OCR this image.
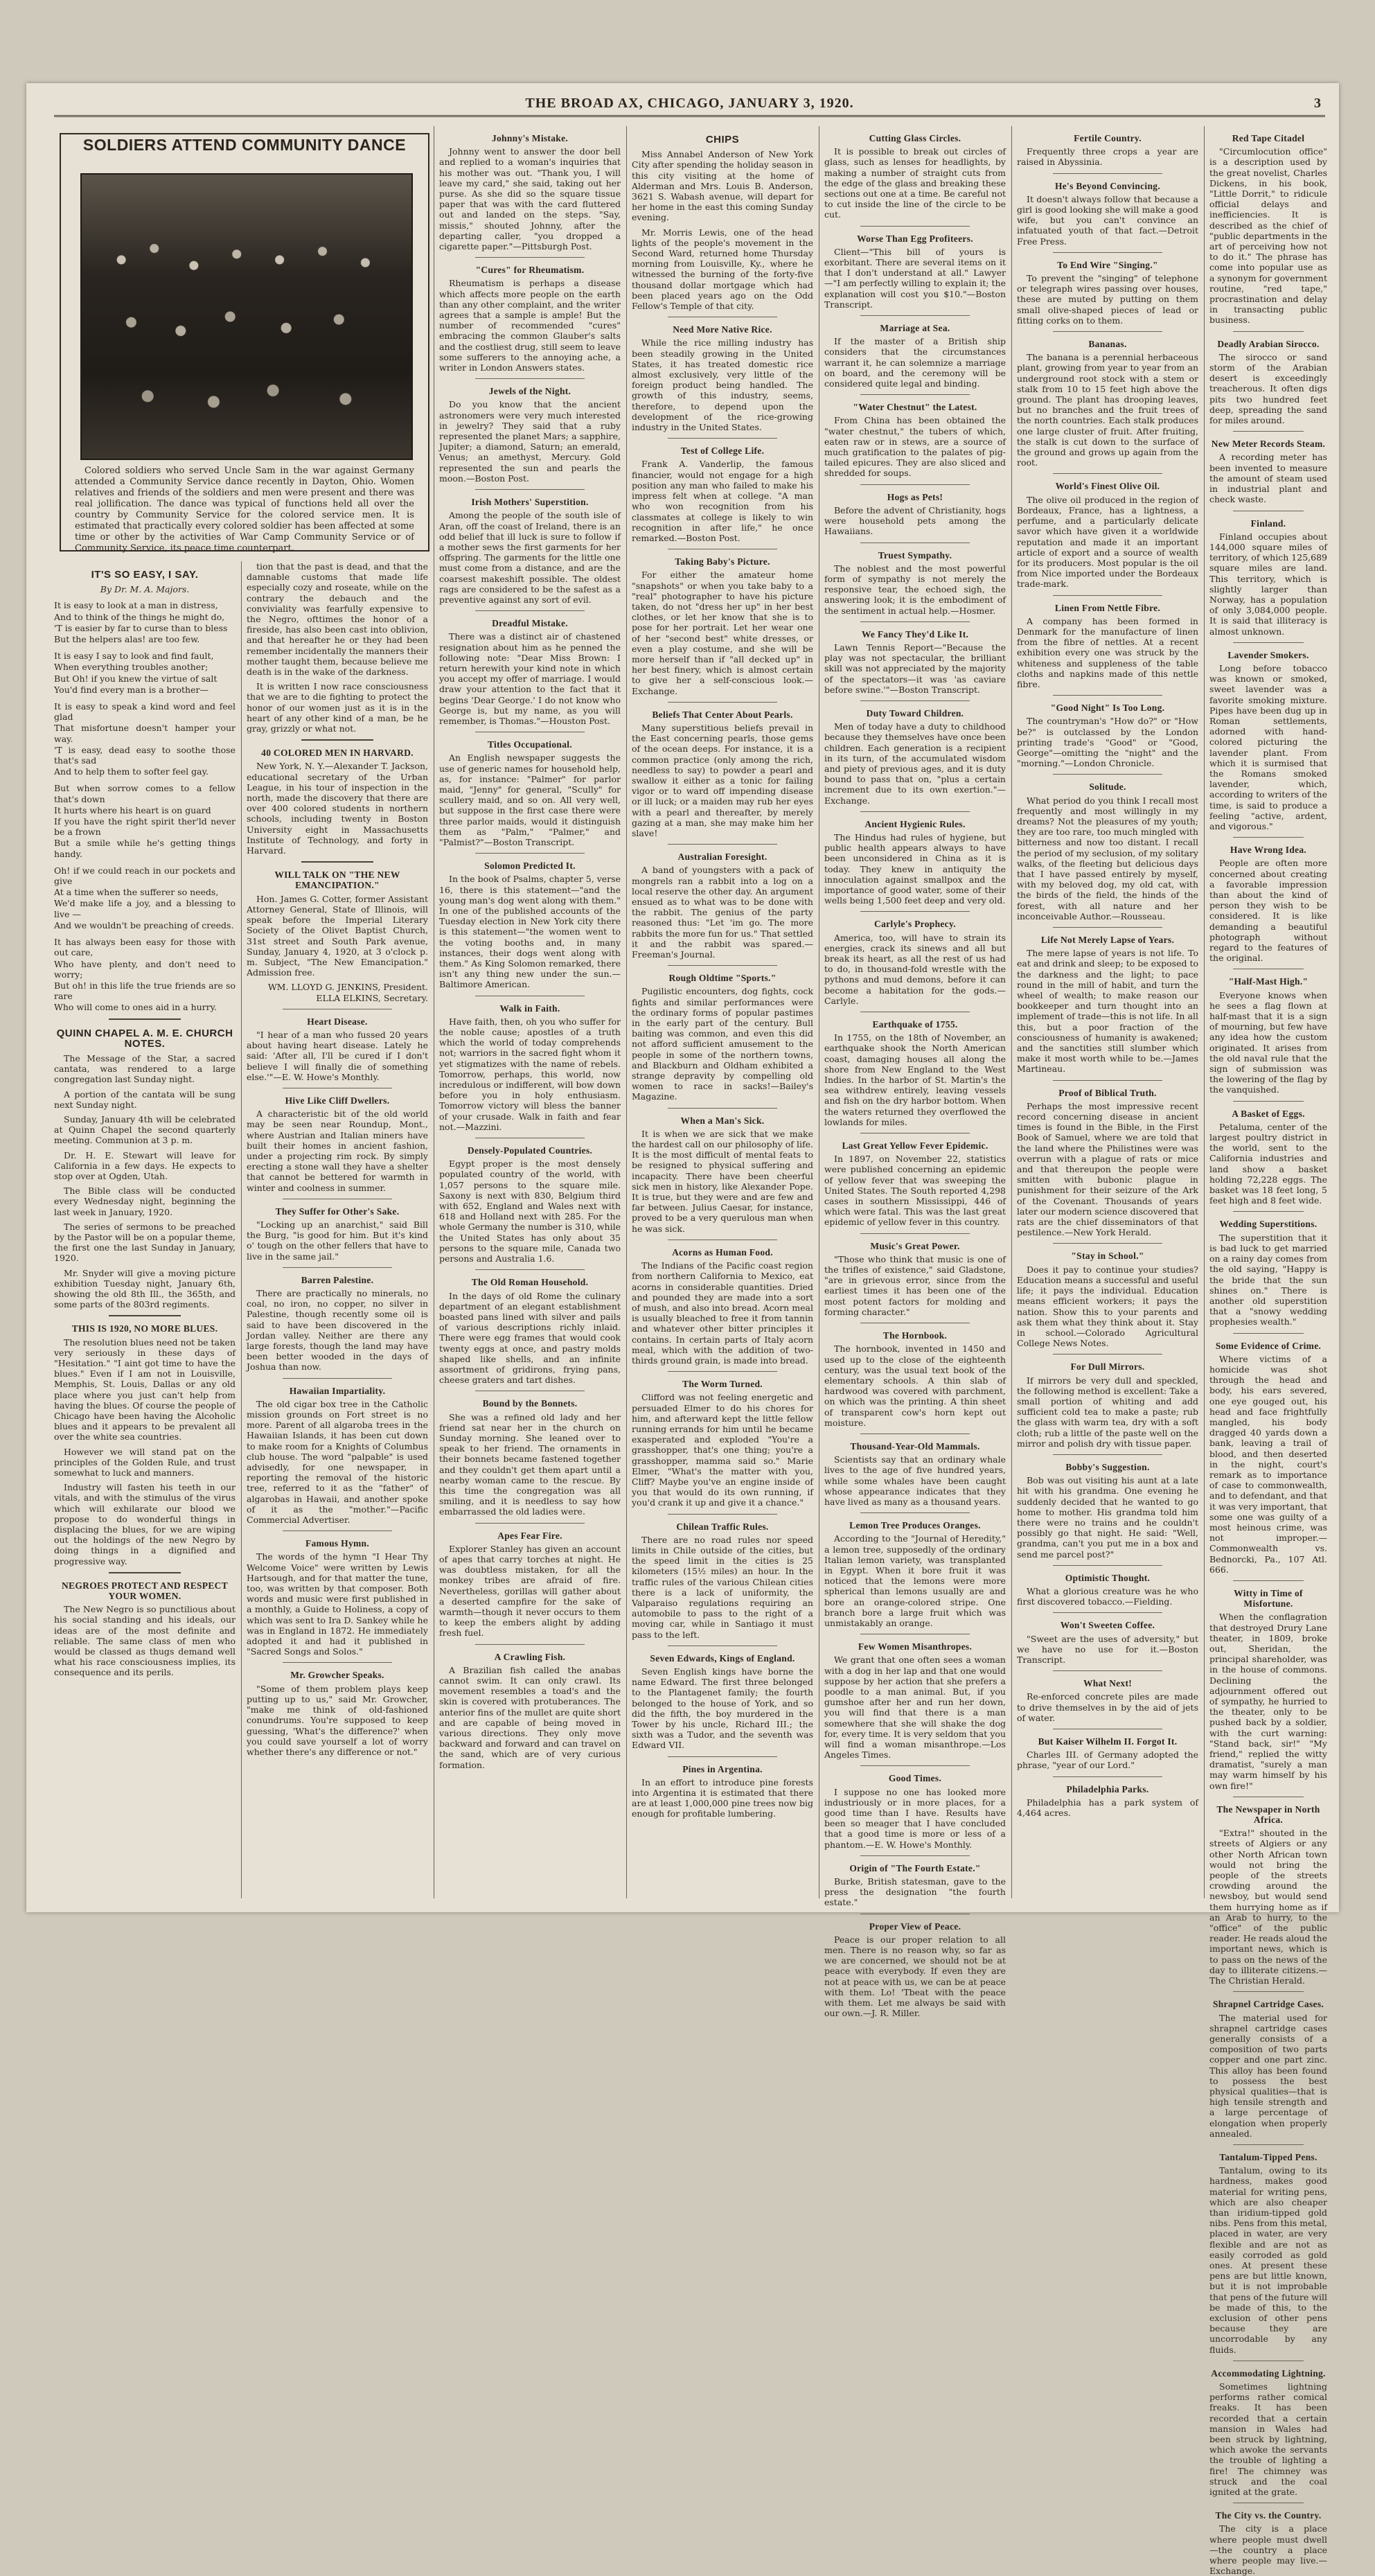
THE BROAD AX, CHICAGO, JANUARY 3, 1920.	3
SOLDIERS ATTEND COMMUNITY DANCE
Colored soldiers who served Uncle Sam in the war against Germany attended a Community Service dance recently in Dayton, Ohio. Women relatives and friends of the soldiers and men were present and there was real jollification. The dance was typical of functions held all over the country by Community Service for the colored service men. It is estimated that practically every colored soldier has been affected at some time or other by the activities of War Camp Community Service or of Community Service, its peace time counterpart.
IT'S SO EASY, I SAY.
By Dr. M. A. Majors.

It is easy to look at a man in distress,

And to think of the things he might do,

'T is easier by far to curse than to bless

But the helpers alas! are too few.

It is easy I say to look and find fault,

When everything troubles another;

But Oh! if you knew the virtue of salt

You'd find every man is a brother—

It is easy to speak a kind word and feel glad

That misfortune doesn't hamper your way.

'T is easy, dead easy to soothe those that's sad

And to help them to softer feel gay.

But when sorrow comes to a fellow that's down

It hurts where his heart is on guard

If you have the right spirit ther'ld never be a frown

But a smile while he's getting things handy.

Oh! if we could reach in our pockets and give

At a time when the sufferer so needs,

We'd make life a joy, and a blessing to live —

And we wouldn't be preaching of creeds.

It has always been easy for those with out care,

Who have plenty, and don't need to worry;

But oh! in this life the true friends are so rare

Who will come to ones aid in a hurry.

QUINN CHAPEL A. M. E. CHURCH NOTES.

The Message of the Star, a sacred cantata, was rendered to a large congregation last Sunday night.

A portion of the cantata will be sung next Sunday night.

Sunday, January 4th will be celebrated at Quinn Chapel the second quarterly meeting. Communion at 3 p. m.

Dr. H. E. Stewart will leave for California in a few days. He expects to stop over at Ogden, Utah.

The Bible class will be conducted every Wednesday night, beginning the last week in January, 1920.

The series of sermons to be preached by the Pastor will be on a popular theme, the first one the last Sunday in January, 1920.

Mr. Snyder will give a moving picture exhibition Tuesday night, January 6th, showing the old 8th Ill., the 365th, and some parts of the 803rd regiments.

THIS IS 1920, NO MORE BLUES.

The resolution blues need not be taken very seriously in these days of "Hesitation." "I aint got time to have the blues." Even if I am not in Louisville, Memphis, St. Louis, Dallas or any old place where you just can't help from having the blues. Of course the people of Chicago have been having the Alcoholic blues and it appears to be prevalent all over the white sea countries.

However we will stand pat on the principles of the Golden Rule, and trust somewhat to luck and manners.

Industry will fasten his teeth in our vitals, and with the stimulus of the virus which will exhilarate our blood we propose to do wonderful things in displacing the blues, for we are wiping out the holdings of the new Negro by doing things in a dignified and progressive way.

NEGROES PROTECT AND RESPECT YOUR WOMEN.

The New Negro is so punctilious about his social standing and his ideals, our ideas are of the most definite and reliable. The same class of men who would be classed as thugs demand well what his race consciousness implies, its consequence and its perils.

tion that the past is dead, and that the damnable customs that made life especially cozy and roseate, while on the contrary the debauch and the conviviality was fearfully expensive to the Negro, ofttimes the honor of a fireside, has also been cast into oblivion, and that hereafter he or they had been remember incidentally the manners their mother taught them, because believe me death is in the wake of the darkness.

It is written I now race consciousness that we are to die fighting to protect the honor of our women just as it is in the heart of any other kind of a man, be he gray, grizzly or what not.

40 COLORED MEN IN HARVARD.

New York, N. Y.—Alexander T. Jackson, educational secretary of the Urban League, in his tour of inspection in the north, made the discovery that there are over 400 colored students in northern schools, including twenty in Boston University eight in Massachusetts Institute of Technology, and forty in Harvard.

WILL TALK ON "THE NEW EMANCIPATION."

Hon. James G. Cotter, former Assistant Attorney General, State of Illinois, will speak before the Imperial Literary Society of the Olivet Baptist Church, 31st street and South Park avenue, Sunday, January 4, 1920, at 3 o'clock p. m. Subject, "The New Emancipation." Admission free.

WM. LLOYD G. JENKINS, President.

ELLA ELKINS, Secretary.

Heart Disease.

"I hear of a man who fussed 20 years about having heart disease. Lately he said: 'After all, I'll be cured if I don't believe I will finally die of something else.'"—E. W. Howe's Monthly.

Hive Like Cliff Dwellers.

A characteristic bit of the old world may be seen near Roundup, Mont., where Austrian and Italian miners have built their homes in ancient fashion, under a projecting rim rock. By simply erecting a stone wall they have a shelter that cannot be bettered for warmth in winter and coolness in summer.

They Suffer for Other's Sake.

"Locking up an anarchist," said Bill the Burg, "is good for him. But it's kind o' tough on the other fellers that have to live in the same jail."

Barren Palestine.

There are practically no minerals, no coal, no iron, no copper, no silver in Palestine, though recently some oil is said to have been discovered in the Jordan valley. Neither are there any large forests, though the land may have been better wooded in the days of Joshua than now.

Hawaiian Impartiality.

The old cigar box tree in the Catholic mission grounds on Fort street is no more. Parent of all algaroba trees in the Hawaiian Islands, it has been cut down to make room for a Knights of Columbus club house. The word "palpable" is used advisedly, for one newspaper, in reporting the removal of the historic tree, referred to it as the "father" of algarobas in Hawaii, and another spoke of it as the "mother."—Pacific Commercial Advertiser.

Famous Hymn.

The words of the hymn "I Hear Thy Welcome Voice" were written by Lewis Hartsough, and for that matter the tune, too, was written by that composer. Both words and music were first published in a monthly, a Guide to Holiness, a copy of which was sent to Ira D. Sankey while he was in England in 1872. He immediately adopted it and had it published in "Sacred Songs and Solos."

Mr. Growcher Speaks.

"Some of them problem plays keep putting up to us," said Mr. Growcher, "make me think of old-fashioned conundrums. You're supposed to keep guessing, 'What's the difference?' when you could save yourself a lot of worry whether there's any difference or not."

Johnny's Mistake.

Johnny went to answer the door bell and replied to a woman's inquiries that his mother was out. "Thank you, I will leave my card," she said, taking out her purse. As she did so the square tissue paper that was with the card fluttered out and landed on the steps. "Say, missis," shouted Johnny, after the departing caller, "you dropped a cigarette paper."—Pittsburgh Post.

"Cures" for Rheumatism.

Rheumatism is perhaps a disease which affects more people on the earth than any other complaint, and the writer agrees that a sample is ample! But the number of recommended "cures" embracing the common Glauber's salts and the costliest drug, still seem to leave some sufferers to the annoying ache, a writer in London Answers states.

Jewels of the Night.

Do you know that the ancient astronomers were very much interested in jewelry? They said that a ruby represented the planet Mars; a sapphire, Jupiter; a diamond, Saturn; an emerald, Venus; an amethyst, Mercury. Gold represented the sun and pearls the moon.—Boston Post.

Irish Mothers' Superstition.

Among the people of the south isle of Aran, off the coast of Ireland, there is an odd belief that ill luck is sure to follow if a mother sews the first garments for her offspring. The garments for the little one must come from a distance, and are the coarsest makeshift possible. The oldest rags are considered to be the safest as a preventive against any sort of evil.

Dreadful Mistake.

There was a distinct air of chastened resignation about him as he penned the following note: "Dear Miss Brown: I return herewith your kind note in which you accept my offer of marriage. I would draw your attention to the fact that it begins 'Dear George.' I do not know who George is, but my name, as you will remember, is Thomas."—Houston Post.

Titles Occupational.

An English newspaper suggests the use of generic names for household help, as, for instance: "Palmer" for parlor maid, "Jenny" for general, "Scully" for scullery maid, and so on. All very well, but suppose in the first case there were three parlor maids, would it distinguish them as "Palm," "Palmer," and "Palmist?"—Boston Transcript.

Solomon Predicted It.

In the book of Psalms, chapter 5, verse 16, there is this statement—"and the young man's dog went along with them." In one of the published accounts of the Tuesday election in New York city there is this statement—"the women went to the voting booths and, in many instances, their dogs went along with them." As King Solomon remarked, there isn't any thing new under the sun.—Baltimore American.

Walk in Faith.

Have faith, then, oh you who suffer for the noble cause; apostles of a truth which the world of today comprehends not; warriors in the sacred fight whom it yet stigmatizes with the name of rebels. Tomorrow, perhaps, this world, now incredulous or indifferent, will bow down before you in holy enthusiasm. Tomorrow victory will bless the banner of your crusade. Walk in faith and fear not.—Mazzini.

Densely-Populated Countries.

Egypt proper is the most densely populated country of the world, with 1,057 persons to the square mile. Saxony is next with 830, Belgium third with 652, England and Wales next with 618 and Holland next with 285. For the whole Germany the number is 310, while the United States has only about 35 persons to the square mile, Canada two persons and Australia 1.6.

The Old Roman Household.

In the days of old Rome the culinary department of an elegant establishment boasted pans lined with silver and pails of various descriptions richly inlaid. There were egg frames that would cook twenty eggs at once, and pastry molds shaped like shells, and an infinite assortment of gridirons, frying pans, cheese graters and tart dishes.

Bound by the Bonnets.

She was a refined old lady and her friend sat near her in the church on Sunday morning. She leaned over to speak to her friend. The ornaments in their bonnets became fastened together and they couldn't get them apart until a nearby woman came to the rescue. By this time the congregation was all smiling, and it is needless to say how embarrassed the old ladies were.

Apes Fear Fire.

Explorer Stanley has given an account of apes that carry torches at night. He was doubtless mistaken, for all the monkey tribes are afraid of fire. Nevertheless, gorillas will gather about a deserted campfire for the sake of warmth—though it never occurs to them to keep the embers alight by adding fresh fuel.

A Crawling Fish.

A Brazilian fish called the anabas cannot swim. It can only crawl. Its movement resembles a toad's and the skin is covered with protuberances. The anterior fins of the mullet are quite short and are capable of being moved in various directions. They only move backward and forward and can travel on the sand, which are of very curious formation.

CHIPS

Miss Annabel Anderson of New York City after spending the holiday season in this city visiting at the home of Alderman and Mrs. Louis B. Anderson, 3621 S. Wabash avenue, will depart for her home in the east this coming Sunday evening.

Mr. Morris Lewis, one of the head lights of the people's movement in the Second Ward, returned home Thursday morning from Louisville, Ky., where he witnessed the burning of the forty-five thousand dollar mortgage which had been placed years ago on the Odd Fellow's Temple of that city.

Need More Native Rice.

While the rice milling industry has been steadily growing in the United States, it has treated domestic rice almost exclusively, very little of the foreign product being handled. The growth of this industry, seems, therefore, to depend upon the development of the rice-growing industry in the United States.

Test of College Life.

Frank A. Vanderlip, the famous financier, would not engage for a high position any man who failed to make his impress felt when at college. "A man who won recognition from his classmates at college is likely to win recognition in after life," he once remarked.—Boston Post.

Taking Baby's Picture.

For either the amateur home "snapshots" or when you take baby to a "real" photographer to have his picture taken, do not "dress her up" in her best clothes, or let her know that she is to pose for her portrait. Let her wear one of her "second best" white dresses, or even a play costume, and she will be more herself than if "all decked up" in her best finery, which is almost certain to give her a self-conscious look.—Exchange.

Beliefs That Center About Pearls.

Many superstitious beliefs prevail in the East concerning pearls, those gems of the ocean deeps. For instance, it is a common practice (only among the rich, needless to say) to powder a pearl and swallow it either as a tonic for failing vigor or to ward off impending disease or ill luck; or a maiden may rub her eyes with a pearl and thereafter, by merely gazing at a man, she may make him her slave!

Australian Foresight.

A band of youngsters with a pack of mongrels ran a rabbit into a log on a local reserve the other day. An argument ensued as to what was to be done with the rabbit. The genius of the party reasoned thus: "Let 'im go. The more rabbits the more fun for us." That settled it and the rabbit was spared.—Freeman's Journal.

Rough Oldtime "Sports."

Pugilistic encounters, dog fights, cock fights and similar performances were the ordinary forms of popular pastimes in the early part of the century. Bull baiting was common, and even this did not afford sufficient amusement to the people in some of the northern towns, and Blackburn and Oldham exhibited a strange depravity by compelling old women to race in sacks!—Bailey's Magazine.

When a Man's Sick.

It is when we are sick that we make the hardest call on our philosophy of life. It is the most difficult of mental feats to be resigned to physical suffering and incapacity. There have been cheerful sick men in history, like Alexander Pope. It is true, but they were and are few and far between. Julius Caesar, for instance, proved to be a very querulous man when he was sick.

Acorns as Human Food.

The Indians of the Pacific coast region from northern California to Mexico, eat acorns in considerable quantities. Dried and pounded they are made into a sort of mush, and also into bread. Acorn meal is usually bleached to free it from tannin and whatever other bitter principles it contains. In certain parts of Italy acorn meal, which with the addition of two-thirds ground grain, is made into bread.

The Worm Turned.

Clifford was not feeling energetic and persuaded Elmer to do his chores for him, and afterward kept the little fellow running errands for him until he became exasperated and exploded "You're a grasshopper, that's one thing; you're a grasshopper, mamma said so." Marie Elmer, "What's the matter with you, Cliff? Maybe you've an engine inside of you that would do its own running, if you'd crank it up and give it a chance."

Chilean Traffic Rules.

There are no road rules nor speed limits in Chile outside of the cities, but the speed limit in the cities is 25 kilometers (15½ miles) an hour. In the traffic rules of the various Chilean cities there is a lack of uniformity, the Valparaiso regulations requiring an automobile to pass to the right of a moving car, while in Santiago it must pass to the left.

Seven Edwards, Kings of England.

Seven English kings have borne the name Edward. The first three belonged to the Plantagenet family; the fourth belonged to the house of York, and so did the fifth, the boy murdered in the Tower by his uncle, Richard III.; the sixth was a Tudor, and the seventh was Edward VII.

Pines in Argentina.

In an effort to introduce pine forests into Argentina it is estimated that there are at least 1,000,000 pine trees now big enough for profitable lumbering.

Cutting Glass Circles.

It is possible to break out circles of glass, such as lenses for headlights, by making a number of straight cuts from the edge of the glass and breaking these sections out one at a time. Be careful not to cut inside the line of the circle to be cut.

Worse Than Egg Profiteers.

Client—"This bill of yours is exorbitant. There are several items on it that I don't understand at all." Lawyer—"I am perfectly willing to explain it; the explanation will cost you $10."—Boston Transcript.

Marriage at Sea.

If the master of a British ship considers that the circumstances warrant it, he can solemnize a marriage on board, and the ceremony will be considered quite legal and binding.

"Water Chestnut" the Latest.

From China has been obtained the "water chestnut," the tubers of which, eaten raw or in stews, are a source of much gratification to the palates of pig-tailed epicures. They are also sliced and shredded for soups.

Hogs as Pets!

Before the advent of Christianity, hogs were household pets among the Hawaiians.

Truest Sympathy.

The noblest and the most powerful form of sympathy is not merely the responsive tear, the echoed sigh, the answering look; it is the embodiment of the sentiment in actual help.—Hosmer.

We Fancy They'd Like It.

Lawn Tennis Report—"Because the play was not spectacular, the brilliant skill was not appreciated by the majority of the spectators—it was 'as caviare before swine.'"—Boston Transcript.

Duty Toward Children.

Men of today have a duty to childhood because they themselves have once been children. Each generation is a recipient in its turn, of the accumulated wisdom and piety of previous ages, and it is duty bound to pass that on, "plus a certain increment due to its own exertion."—Exchange.

Ancient Hygienic Rules.

The Hindus had rules of hygiene, but public health appears always to have been unconsidered in China as it is today. They knew in antiquity the innoculation against smallpox and the importance of good water, some of their wells being 1,500 feet deep and very old.

Carlyle's Prophecy.

America, too, will have to strain its energies, crack its sinews and all but break its heart, as all the rest of us had to do, in thousand-fold wrestle with the pythons and mud demons, before it can become a habitation for the gods.—Carlyle.

Earthquake of 1755.

In 1755, on the 18th of November, an earthquake shook the North American coast, damaging houses all along the shore from New England to the West Indies. In the harbor of St. Martin's the sea withdrew entirely, leaving vessels and fish on the dry harbor bottom. When the waters returned they overflowed the lowlands for miles.

Last Great Yellow Fever Epidemic.

In 1897, on November 22, statistics were published concerning an epidemic of yellow fever that was sweeping the United States. The South reported 4,298 cases in southern Mississippi, 446 of which were fatal. This was the last great epidemic of yellow fever in this country.

Music's Great Power.

"Those who think that music is one of the trifles of existence," said Gladstone, "are in grievous error, since from the earliest times it has been one of the most potent factors for molding and forming character."

The Hornbook.

The hornbook, invented in 1450 and used up to the close of the eighteenth century, was the usual text book of the elementary schools. A thin slab of hardwood was covered with parchment, on which was the printing. A thin sheet of transparent cow's horn kept out moisture.

Thousand-Year-Old Mammals.

Scientists say that an ordinary whale lives to the age of five hundred years, while some whales have been caught whose appearance indicates that they have lived as many as a thousand years.

Lemon Tree Produces Oranges.

According to the "Journal of Heredity," a lemon tree, supposedly of the ordinary Italian lemon variety, was transplanted in Egypt. When it bore fruit it was noticed that the lemons were more spherical than lemons usually are and bore an orange-colored stripe. One branch bore a large fruit which was unmistakably an orange.

Few Women Misanthropes.

We grant that one often sees a woman with a dog in her lap and that one would suppose by her action that she prefers a poodle to a man animal. But, if you gumshoe after her and run her down, you will find that there is a man somewhere that she will shake the dog for, every time. It is very seldom that you will find a woman misanthrope.—Los Angeles Times.

Good Times.

I suppose no one has looked more industriously or in more places, for a good time than I have. Results have been so meager that I have concluded that a good time is more or less of a phantom.—E. W. Howe's Monthly.

Origin of "The Fourth Estate."

Burke, British statesman, gave to the press the designation "the fourth estate."

Proper View of Peace.

Peace is our proper relation to all men. There is no reason why, so far as we are concerned, we should not be at peace with everybody. If even they are not at peace with us, we can be at peace with them. Lo! 'Tbeat with the peace with them. Let me always be said with our own.—J. R. Miller.

Fertile Country.

Frequently three crops a year are raised in Abyssinia.

He's Beyond Convincing.

It doesn't always follow that because a girl is good looking she will make a good wife, but you can't convince an infatuated youth of that fact.—Detroit Free Press.

To End Wire "Singing."

To prevent the "singing" of telephone or telegraph wires passing over houses, these are muted by putting on them small olive-shaped pieces of lead or fitting corks on to them.

Bananas.

The banana is a perennial herbaceous plant, growing from year to year from an underground root stock with a stem or stalk from 10 to 15 feet high above the ground. The plant has drooping leaves, but no branches and the fruit trees of the north countries. Each stalk produces one large cluster of fruit. After fruiting, the stalk is cut down to the surface of the ground and grows up again from the root.

World's Finest Olive Oil.

The olive oil produced in the region of Bordeaux, France, has a lightness, a perfume, and a particularly delicate savor which have given it a worldwide reputation and made it an important article of export and a source of wealth for its producers. Most popular is the oil from Nice imported under the Bordeaux trade-mark.

Linen From Nettle Fibre.

A company has been formed in Denmark for the manufacture of linen from the fibre of nettles. At a recent exhibition every one was struck by the whiteness and suppleness of the table cloths and napkins made of this nettle fibre.

"Good Night" Is Too Long.

The countryman's "How do?" or "How be?" is outclassed by the London printing trade's "Good" or "Good, George"—omitting the "night" and the "morning."—London Chronicle.

Solitude.

What period do you think I recall most frequently and most willingly in my dreams? Not the pleasures of my youth; they are too rare, too much mingled with bitterness and now too distant. I recall the period of my seclusion, of my solitary walks, of the fleeting but delicious days that I have passed entirely by myself, with my beloved dog, my old cat, with the birds of the field, the hinds of the forest, with all nature and her inconceivable Author.—Rousseau.

Life Not Merely Lapse of Years.

The mere lapse of years is not life. To eat and drink and sleep; to be exposed to the darkness and the light; to pace round in the mill of habit, and turn the wheel of wealth; to make reason our bookkeeper and turn thought into an implement of trade—this is not life. In all this, but a poor fraction of the consciousness of humanity is awakened; and the sanctities still slumber which make it most worth while to be.—James Martineau.

Proof of Biblical Truth.

Perhaps the most impressive recent record concerning disease in ancient times is found in the Bible, in the First Book of Samuel, where we are told that the land where the Philistines were was overrun with a plague of rats or mice and that thereupon the people were smitten with bubonic plague in punishment for their seizure of the Ark of the Covenant. Thousands of years later our modern science discovered that rats are the chief disseminators of that pestilence.—New York Herald.

"Stay in School."

Does it pay to continue your studies? Education means a successful and useful life; it pays the individual. Education means efficient workers; it pays the nation. Show this to your parents and ask them what they think about it. Stay in school.—Colorado Agricultural College News Notes.

For Dull Mirrors.

If mirrors be very dull and speckled, the following method is excellent: Take a small portion of whiting and add sufficient cold tea to make a paste; rub the glass with warm tea, dry with a soft cloth; rub a little of the paste well on the mirror and polish dry with tissue paper.

Bobby's Suggestion.

Bob was out visiting his aunt at a late hit with his grandma. One evening he suddenly decided that he wanted to go home to mother. His grandma told him there were no trains and he couldn't possibly go that night. He said: "Well, grandma, can't you put me in a box and send me parcel post?"

Optimistic Thought.

What a glorious creature was he who first discovered tobacco.—Fielding.

Won't Sweeten Coffee.

"Sweet are the uses of adversity," but we have no use for it.—Boston Transcript.

What Next!

Re-enforced concrete piles are made to drive themselves in by the aid of jets of water.

But Kaiser Wilhelm II. Forgot It.

Charles III. of Germany adopted the phrase, "year of our Lord."

Philadelphia Parks.

Philadelphia has a park system of 4,464 acres.

Red Tape Citadel

"Circumlocution office" is a description used by the great novelist, Charles Dickens, in his book, "Little Dorrit," to ridicule official delays and inefficiencies. It is described as the chief of "public departments in the art of perceiving how not to do it." The phrase has come into popular use as a synonym for government routine, "red tape," procrastination and delay in transacting public business.

Deadly Arabian Sirocco.

The sirocco or sand storm of the Arabian desert is exceedingly treacherous. It often digs pits two hundred feet deep, spreading the sand for miles around.

New Meter Records Steam.

A recording meter has been invented to measure the amount of steam used in industrial plant and check waste.

Finland.

Finland occupies about 144,000 square miles of territory, of which 125,689 square miles are land. This territory, which is slightly larger than Norway, has a population of only 3,084,000 people. It is said that illiteracy is almost unknown.

Lavender Smokers.

Long before tobacco was known or smoked, sweet lavender was a favorite smoking mixture. Pipes have been dug up in Roman settlements, adorned with hand-colored picturing the lavender plant. From which it is surmised that the Romans smoked lavender, which, according to writers of the time, is said to produce a feeling "active, ardent, and vigorous."

Have Wrong Idea.

People are often more concerned about creating a favorable impression than about the kind of person they wish to be considered. It is like demanding a beautiful photograph without regard to the features of the original.

"Half-Mast High."

Everyone knows when he sees a flag flown at half-mast that it is a sign of mourning, but few have any idea how the custom originated. It arises from the old naval rule that the sign of submission was the lowering of the flag by the vanquished.

A Basket of Eggs.

Petaluma, center of the largest poultry district in the world, sent to the California industries and land show a basket holding 72,228 eggs. The basket was 18 feet long, 5 feet high and 8 feet wide.

Wedding Superstitions.

The superstition that it is bad luck to get married on a rainy day comes from the old saying, "Happy is the bride that the sun shines on." There is another old superstition that a "snowy wedding prophesies wealth."

Some Evidence of Crime.

Where victims of a homicide was shot through the head and body, his ears severed, one eye gouged out, his head and face frightfully mangled, his body dragged 40 yards down a bank, leaving a trail of blood, and then deserted in the night, court's remark as to importance of case to commonwealth, and to defendant, and that it was very important, that some one was guilty of a most heinous crime, was not improper.—Commonwealth vs. Bednorcki, Pa., 107 Atl. 666.

Witty in Time of Misfortune.

When the conflagration that destroyed Drury Lane theater, in 1809, broke out, Sheridan, the principal shareholder, was in the house of commons. Declining the adjournment offered out of sympathy, he hurried to the theater, only to be pushed back by a soldier, with the curt warning: "Stand back, sir!" "My friend," replied the witty dramatist, "surely a man may warm himself by his own fire!"

The Newspaper in North Africa.

"Extra!" shouted in the streets of Algiers or any other North African town would not bring the people of the streets crowding around the newsboy, but would send them hurrying home as if an Arab to hurry, to the "office" of the public reader. He reads aloud the important news, which is to pass on the news of the day to illiterate citizens.—The Christian Herald.

Shrapnel Cartridge Cases.

The material used for shrapnel cartridge cases generally consists of a composition of two parts copper and one part zinc. This alloy has been found to possess the best physical qualities—that is high tensile strength and a large percentage of elongation when properly annealed.

Tantalum-Tipped Pens.

Tantalum, owing to its hardness, makes good material for writing pens, which are also cheaper than iridium-tipped gold nibs. Pens from this metal, placed in water, are very flexible and are not as easily corroded as gold ones. At present these pens are but little known, but it is not improbable that pens of the future will be made of this, to the exclusion of other pens because they are uncorrodable by any fluids.

Accommodating Lightning.

Sometimes lightning performs rather comical freaks. It has been recorded that a certain mansion in Wales had been struck by lightning, which awoke the servants the trouble of lighting a fire! The chimney was struck and the coal ignited at the grate.

The City vs. the Country.

The city is a place where people must dwell—the country a place where people may live.—Exchange.
